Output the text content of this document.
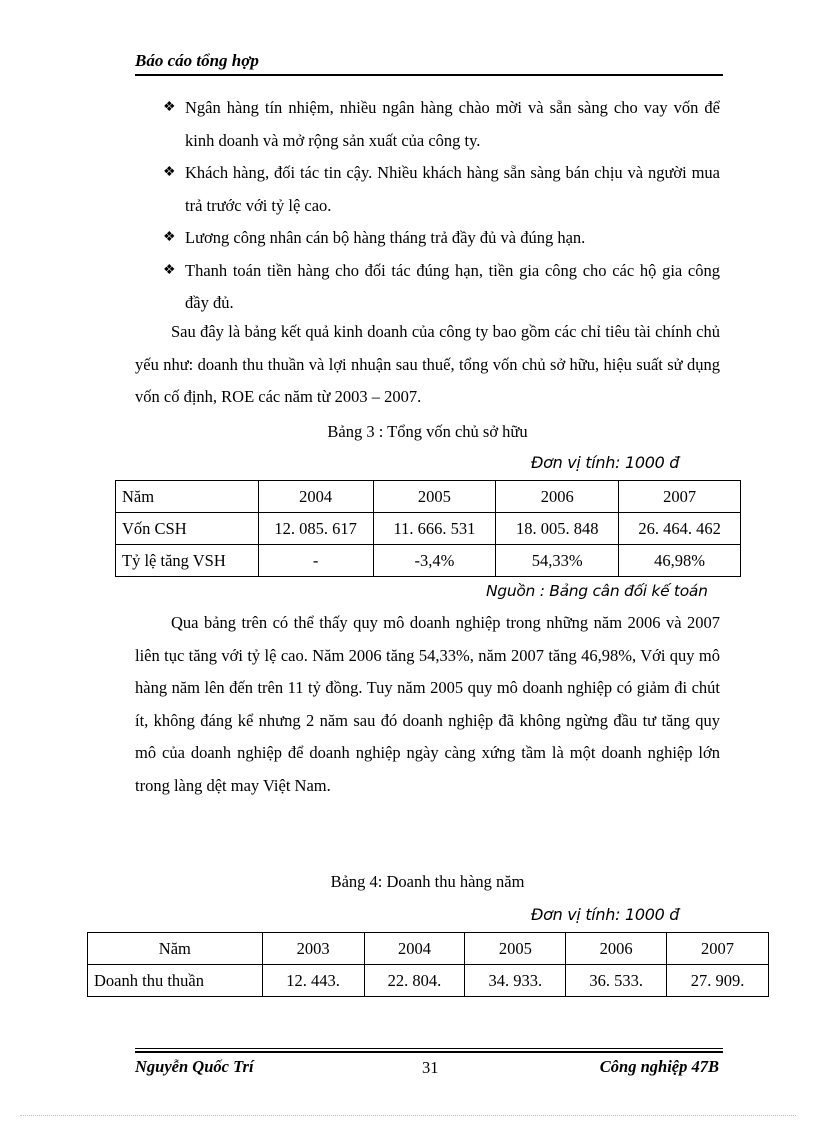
Báo cáo tổng hợp
❖ Ngân hàng tín nhiệm, nhiều ngân hàng chào mời và sẵn sàng cho vay vốn để kinh doanh và mở rộng sản xuất của công ty.
❖ Khách hàng, đối tác tin cậy. Nhiều khách hàng sẵn sàng bán chịu và người mua trả trước với tỷ lệ cao.
❖ Lương công nhân cán bộ hàng tháng trả đầy đủ và đúng hạn.
❖ Thanh toán tiền hàng cho đối tác đúng hạn, tiền gia công cho các hộ gia công đầy đủ.

Sau đây là bảng kết quả kinh doanh của công ty bao gồm các chỉ tiêu tài chính chủ yếu như: doanh thu thuần và lợi nhuận sau thuế, tổng vốn chủ sở hữu, hiệu suất sử dụng vốn cố định, ROE các năm từ 2003 – 2007.

Bảng 3 : Tổng vốn chủ sở hữu
Đơn vị tính: 1000 đ
Năm	2004	2005	2006	2007
Vốn CSH	12. 085. 617	11. 666. 531	18. 005. 848	26. 464. 462
Tỷ lệ tăng VSH	-	-3,4%	54,33%	46,98%
Nguồn : Bảng cân đối kế toán

Qua bảng trên có thể thấy quy mô doanh nghiệp trong những năm 2006 và 2007 liên tục tăng với tỷ lệ cao. Năm 2006 tăng 54,33%, năm 2007 tăng 46,98%, Với quy mô hàng năm lên đến trên 11 tỷ đồng. Tuy năm 2005 quy mô doanh nghiệp có giảm đi chút ít, không đáng kể nhưng 2 năm sau đó doanh nghiệp đã không ngừng đầu tư tăng quy mô của doanh nghiệp để doanh nghiệp ngày càng xứng tầm là một doanh nghiệp lớn trong làng dệt may Việt Nam.

Bảng 4: Doanh thu hàng năm
Đơn vị tính: 1000 đ
Năm	2003	2004	2005	2006	2007
Doanh thu thuần	12. 443.	22. 804.	34. 933.	36. 533.	27. 909.
Nguyễn Quốc Trí	31	Công nghiệp 47B
